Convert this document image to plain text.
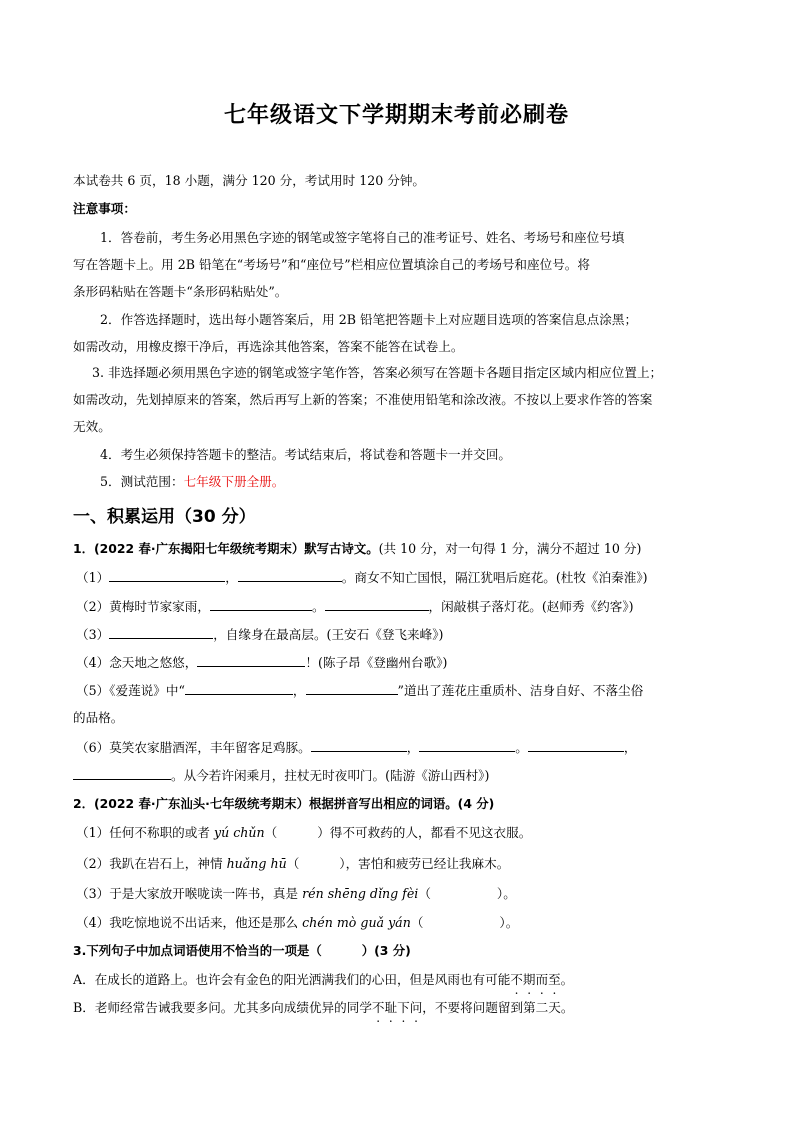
七年级语文下学期期末考前必刷卷
本试卷共 6 页，18 小题，满分 120 分，考试用时 120 分钟。
注意事项：
1．答卷前，考生务必用黑色字迹的钢笔或签字笔将自己的准考证号、姓名、考场号和座位号填
写在答题卡上。用 2B 铅笔在“考场号”和“座位号”栏相应位置填涂自己的考场号和座位号。将
条形码粘贴在答题卡“条形码粘贴处”。
2．作答选择题时，选出每小题答案后，用 2B 铅笔把答题卡上对应题目选项的答案信息点涂黑；
如需改动，用橡皮擦干净后，再选涂其他答案，答案不能答在试卷上。
3. 非选择题必须用黑色字迹的钢笔或签字笔作答，答案必须写在答题卡各题目指定区域内相应位置上；
如需改动，先划掉原来的答案，然后再写上新的答案；不准使用铅笔和涂改液。不按以上要求作答的答案
无效。
4．考生必须保持答题卡的整洁。考试结束后，将试卷和答题卡一并交回。
5．测试范围：七年级下册全册。
一、积累运用（30 分）
1．(2022 春·广东揭阳七年级统考期末）默写古诗文。(共 10 分，对一句得 1 分，满分不超过 10 分)
（1）	，	。商女不知亡国恨，隔江犹唱后庭花。(杜牧《泊秦淮》)
（2）黄梅时节家家雨，	。	，闲敲棋子落灯花。(赵师秀《约客》)
（3）	，自缘身在最高层。(王安石《登飞来峰》)
（4）念天地之悠悠，	！(陈子昂《登幽州台歌》)
（5）《爱莲说》中“	，	”道出了莲花庄重质朴、洁身自好、不落尘俗
的品格。
（6）莫笑农家腊酒浑，丰年留客足鸡豚。	，	。	，
。从今若许闲乘月，拄杖无时夜叩门。(陆游《游山西村》)
2．(2022 春·广东汕头·七年级统考期末）根据拼音写出相应的词语。(4 分)
（1）任何不称职的或者 yú chǔn（	）得不可救药的人，都看不见这衣服。
（2）我趴在岩石上，神情 huǎng hū（	），害怕和疲劳已经让我麻木。
（3）于是大家放开喉咙读一阵书，真是 rén shēng dǐng fèi（	）。
（4）我吃惊地说不出话来，他还是那么 chén mò guǎ yán（	）。
3.下列句子中加点词语使用不恰当的一项是（	）(3 分)
A．在成长的道路上。也许会有金色的阳光洒满我们的心田，但是风雨也有可能不期而至。
B．老师经常告诫我要多问。尤其多向成绩优异的同学不耻下问，不要将问题留到第二天。
